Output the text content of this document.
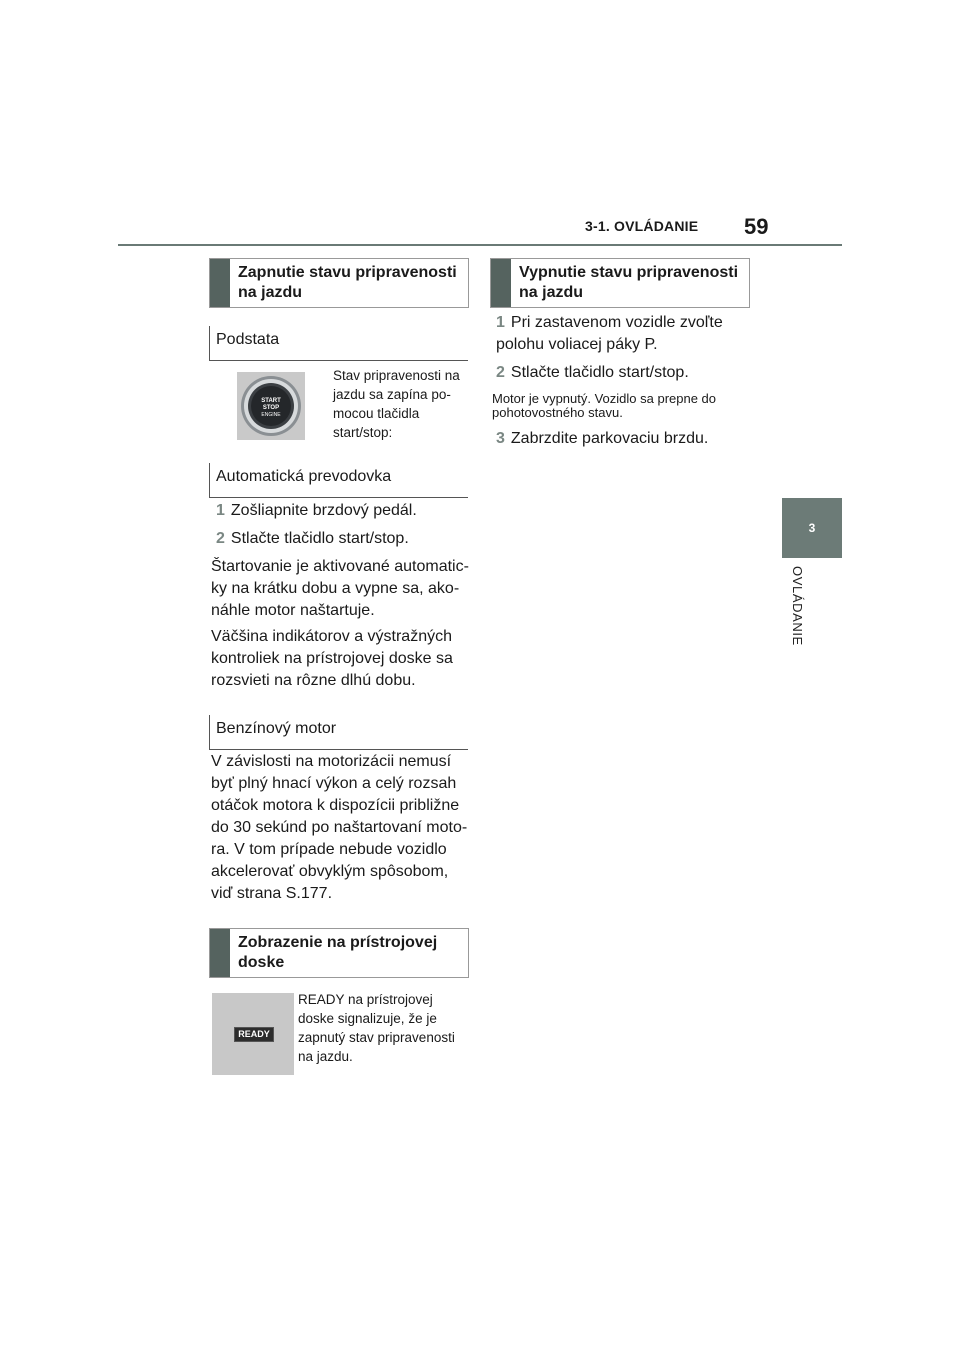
3-1. OVLÁDANIE 59
3
OVLÁDANIE
Zapnutie stavu pripravenosti na jazdu
Podstata
START
STOP
ENGINE
Stav pripravenosti na jazdu sa zapína po-mocou tlačidla start/stop:
Automatická prevodovka
1 Zošliapnite brzdový pedál.
2 Stlačte tlačidlo start/stop.
Štartovanie je aktivované automatic-ky na krátku dobu a vypne sa, ako-náhle motor naštartuje.
Väčšina indikátorov a výstražných kontroliek na prístrojovej doske sa rozsvieti na rôzne dlhú dobu.
Benzínový motor
V závislosti na motorizácii nemusí byť plný hnací výkon a celý rozsah otáčok motora k dispozícii približne do 30 sekúnd po naštartovaní moto-ra. V tom prípade nebude vozidlo akcelerovať obvyklým spôsobom, viď strana S.177.
Zobrazenie na prístrojovej doske
READY
READY na prístrojovej doske signalizuje, že je zapnutý stav pripravenosti na jazdu.
Vypnutie stavu pripravenosti na jazdu
1 Pri zastavenom vozidle zvoľte polohu voliacej páky P.
2 Stlačte tlačidlo start/stop.
Motor je vypnutý. Vozidlo sa prepne do pohotovostného stavu.
3 Zabrzdite parkovaciu brzdu.
